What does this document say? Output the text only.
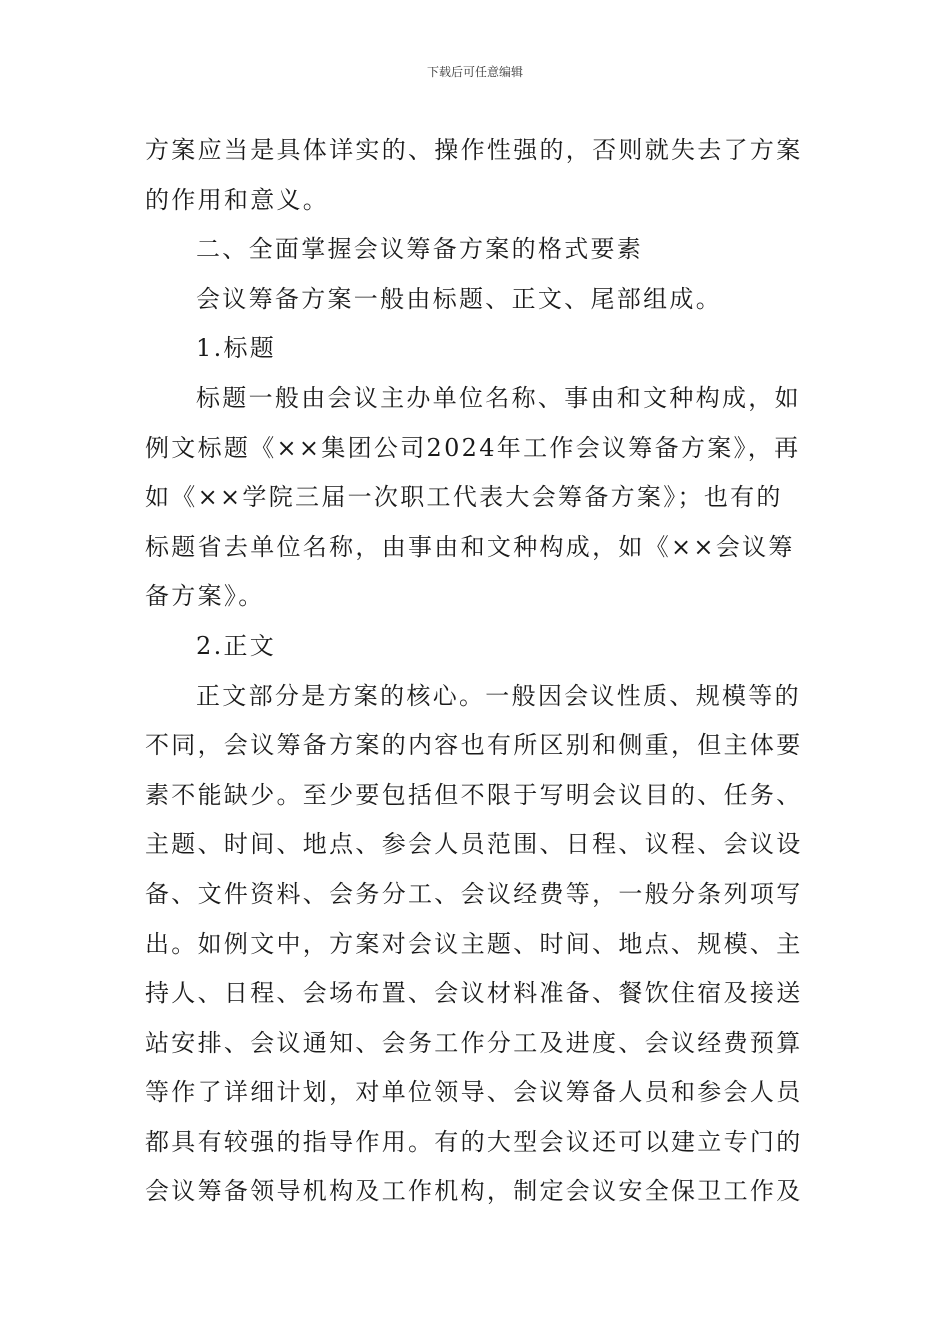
下载后可任意编辑
方案应当是具体详实的、操作性强的，否则就失去了方案
的作用和意义。
二、全面掌握会议筹备方案的格式要素
会议筹备方案一般由标题、正文、尾部组成。
1.标题
标题一般由会议主办单位名称、事由和文种构成，如
例文标题《××集团公司2024年工作会议筹备方案》，再
如《××学院三届一次职工代表大会筹备方案》；也有的
标题省去单位名称，由事由和文种构成，如《××会议筹
备方案》。
2.正文
正文部分是方案的核心。一般因会议性质、规模等的
不同，会议筹备方案的内容也有所区别和侧重，但主体要
素不能缺少。至少要包括但不限于写明会议目的、任务、
主题、时间、地点、参会人员范围、日程、议程、会议设
备、文件资料、会务分工、会议经费等，一般分条列项写
出。如例文中，方案对会议主题、时间、地点、规模、主
持人、日程、会场布置、会议材料准备、餐饮住宿及接送
站安排、会议通知、会务工作分工及进度、会议经费预算
等作了详细计划，对单位领导、会议筹备人员和参会人员
都具有较强的指导作用。有的大型会议还可以建立专门的
会议筹备领导机构及工作机构，制定会议安全保卫工作及
